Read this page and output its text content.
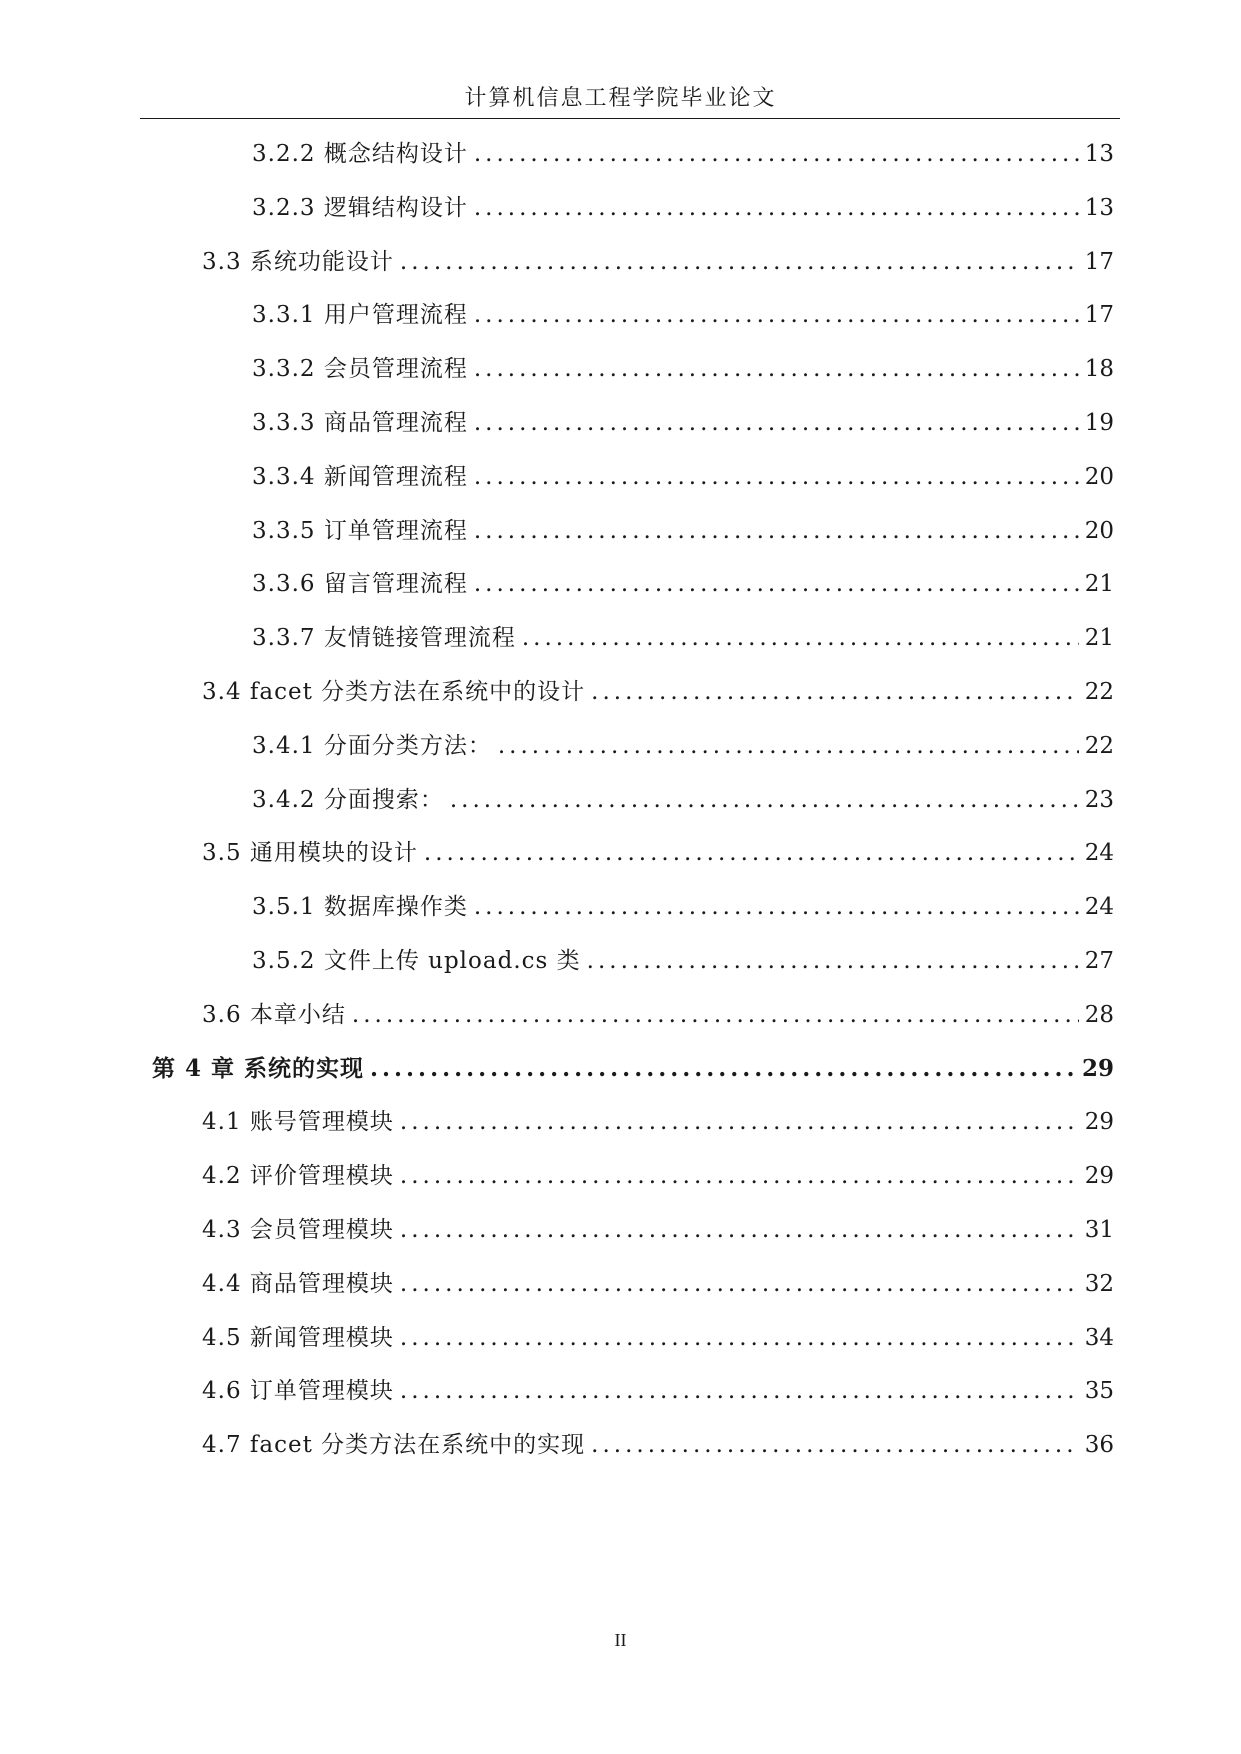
计算机信息工程学院毕业论文
3.2.2 概念结构设计 .....	13
3.2.3 逻辑结构设计 .....	13
3.3 系统功能设计 .....	17
3.3.1 用户管理流程 .....	17
3.3.2 会员管理流程 .....	18
3.3.3 商品管理流程 .....	19
3.3.4 新闻管理流程 .....	20
3.3.5 订单管理流程 .....	20
3.3.6 留言管理流程 .....	21
3.3.7 友情链接管理流程 .....	21
3.4 facet 分类方法在系统中的设计 .....	22
3.4.1 分面分类方法： .....	22
3.4.2 分面搜索： .....	23
3.5 通用模块的设计 .....	24
3.5.1 数据库操作类 .....	24
3.5.2 文件上传 upload.cs 类 .....	27
3.6 本章小结 .....	28
第 4 章 系统的实现 .....	29
4.1 账号管理模块 .....	29
4.2 评价管理模块 .....	29
4.3 会员管理模块 .....	31
4.4 商品管理模块 .....	32
4.5 新闻管理模块 .....	34
4.6 订单管理模块 .....	35
4.7 facet 分类方法在系统中的实现 .....	36
II
